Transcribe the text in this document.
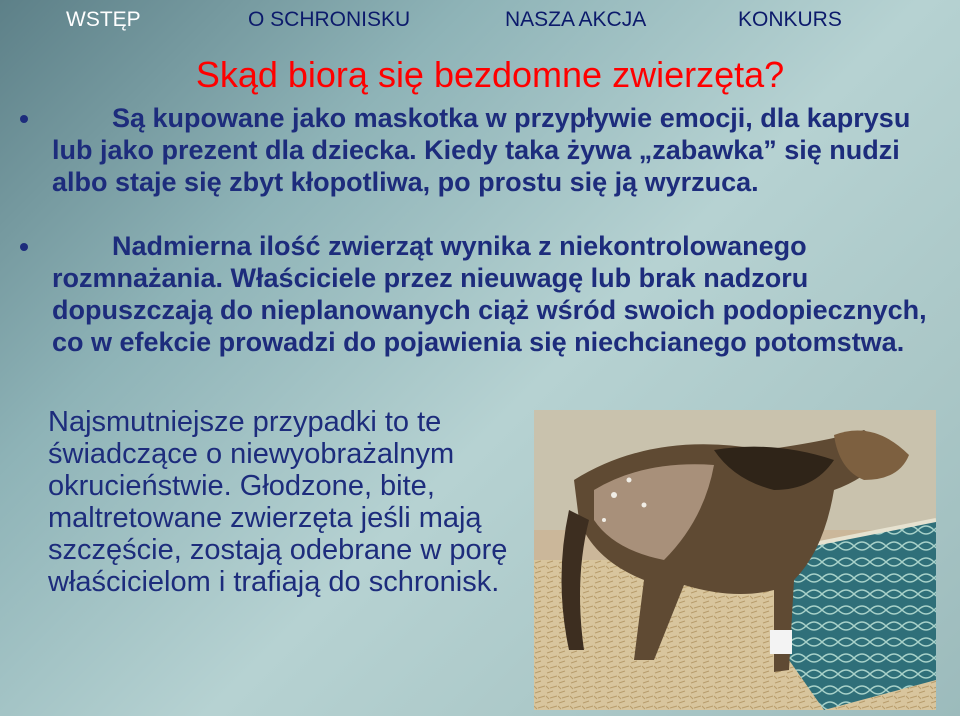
WSTĘP	O SCHRONISKU	NASZA AKCJA	KONKURS
Skąd biorą się bezdomne zwierzęta?
Są kupowane jako maskotka w przypływie emocji, dla kaprysu lub jako prezent dla dziecka. Kiedy taka żywa „zabawka” się nudzi albo staje się zbyt kłopotliwa, po prostu się ją wyrzuca.
Nadmierna ilość zwierząt wynika z niekontrolowanego rozmnażania. Właściciele przez nieuwagę lub brak nadzoru dopuszczają do nieplanowanych ciąż wśród swoich podopiecznych, co w efekcie prowadzi do pojawienia się niechcianego potomstwa.
Najsmutniejsze przypadki to te świadczące o niewyobrażalnym okrucieństwie. Głodzone, bite, maltretowane zwierzęta jeśli mają szczęście, zostają odebrane w porę właścicielom i trafiają do schronisk.
